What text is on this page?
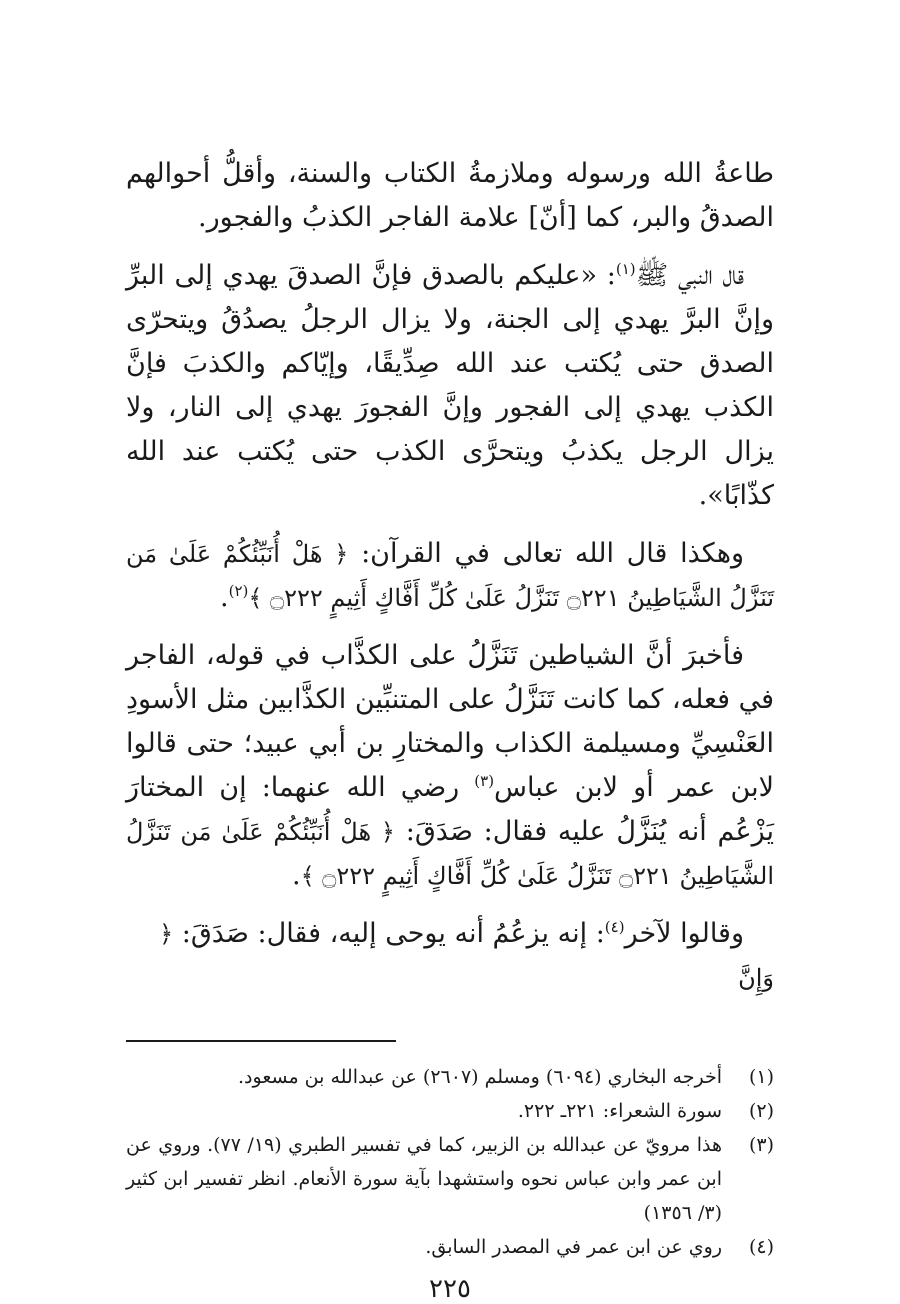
طاعةُ الله ورسوله وملازمةُ الكتاب والسنة، وأقلُّ أحوالهم الصدقُ والبر، كما [أنّ] علامة الفاجر الكذبُ والفجور.

قال النبي ﷺ$^{(١)}$: «عليكم بالصدق فإنَّ الصدقَ يهدي إلى البرِّ وإنَّ البرَّ يهدي إلى الجنة، ولا يزال الرجلُ يصدُقُ ويتحرّى الصدق حتى يُكتب عند الله صِدِّيقًا، وإيّاكم والكذبَ فإنَّ الكذب يهدي إلى الفجور وإنَّ الفجورَ يهدي إلى النار، ولا يزال الرجل يكذبُ ويتحرَّى الكذب حتى يُكتب عند الله كذّابًا».

وهكذا قال الله تعالى في القرآن: ﴿ هَلْ أُنَبِّئُكُمْ عَلَىٰ مَن تَنَزَّلُ الشَّيَاطِينُ ۝٢٢١ تَنَزَّلُ عَلَىٰ كُلِّ أَفَّاكٍ أَثِيمٍ ۝٢٢٢ ﴾$^{(٢)}$.

فأخبرَ أنَّ الشياطين تَنَزَّلُ على الكذَّاب في قوله، الفاجر في فعله، كما كانت تَنَزَّلُ على المتنبِّين الكذَّابين مثل الأسودِ العَنْسِيِّ ومسيلمة الكذاب والمختارِ بن أبي عبيد؛ حتى قالوا لابن عمر أو لابن عباس$^{(٣)}$ رضي الله عنهما: إن المختارَ يَزْعُم أنه يُنَزَّلُ عليه فقال: صَدَقَ: ﴿ هَلْ أُنَبِّئُكُمْ عَلَىٰ مَن تَنَزَّلُ الشَّيَاطِينُ ۝٢٢١ تَنَزَّلُ عَلَىٰ كُلِّ أَفَّاكٍ أَثِيمٍ ۝٢٢٢ ﴾.

وقالوا لآخر$^{(٤)}$: إنه يزعُمُ أنه يوحى إليه، فقال: صَدَقَ: ﴿ وَإِنَّ

(١)
أخرجه البخاري (٦٠٩٤) ومسلم (٢٦٠٧) عن عبدالله بن مسعود.
(٢)
سورة الشعراء: ٢٢١ـ ٢٢٢.
(٣)
هذا مرويّ عن عبدالله بن الزبير، كما في تفسير الطبري (١٩/ ٧٧). وروي عن ابن عمر وابن عباس نحوه واستشهدا بآية سورة الأنعام. انظر تفسير ابن كثير (٣/ ١٣٥٦)
(٤)
روي عن ابن عمر في المصدر السابق.
٢٢٥
